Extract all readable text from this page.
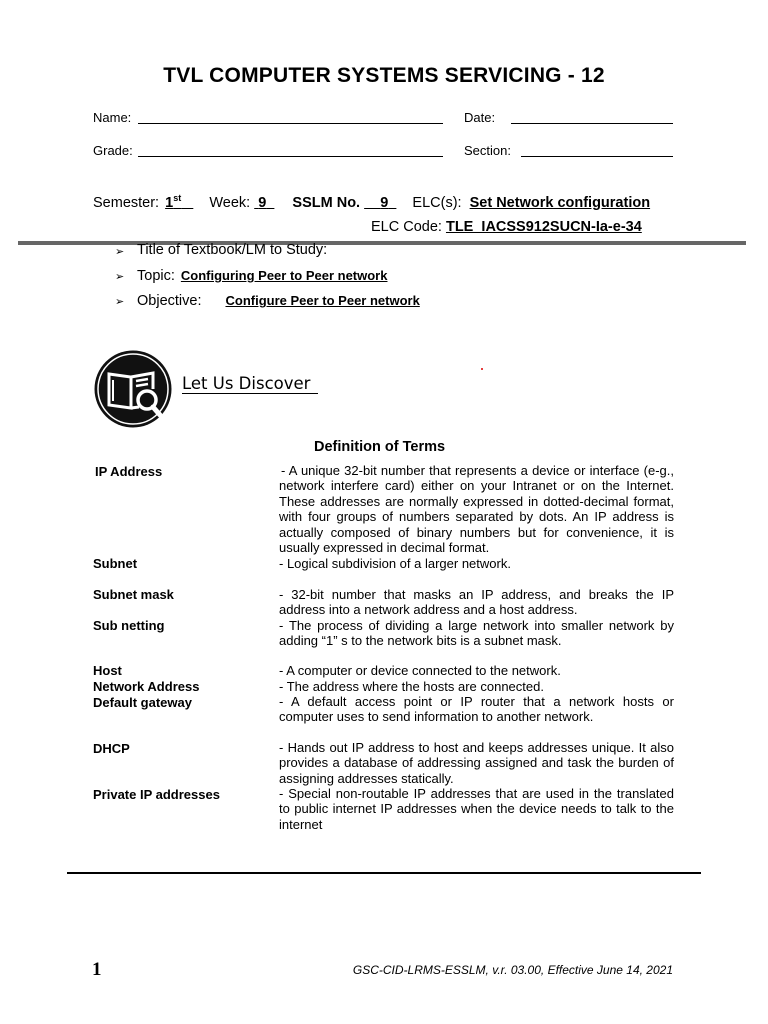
TVL COMPUTER SYSTEMS SERVICING - 12
Name:	Date:
Grade:	Section:
Semester: 1st Week: 9 SSLM No. 9 ELC(s): Set Network configuration
ELC Code: TLE_IACSS912SUCN-Ia-e-34
➢ Title of Textbook/LM to Study:
➢ Topic: Configuring Peer to Peer network
➢ Objective: Configure Peer to Peer network
Let Us Discover
Definition of Terms
IP Address	- A unique 32-bit number that represents a device or interface (e-g., network interfere card) either on your Intranet or on the Internet. These addresses are normally expressed in dotted-decimal format, with four groups of numbers separated by dots. An IP address is actually composed of binary numbers but for convenience, it is usually expressed in decimal format.
Subnet	- Logical subdivision of a larger network.
Subnet mask	- 32-bit number that masks an IP address, and breaks the IP address into a network address and a host address.
Sub netting	- The process of dividing a large network into smaller network by adding “1” s to the network bits is a subnet mask.
Host	- A computer or device connected to the network.
Network Address	- The address where the hosts are connected.
Default gateway	- A default access point or IP router that a network hosts or computer uses to send information to another network.
DHCP	- Hands out IP address to host and keeps addresses unique. It also provides a database of addressing assigned and task the burden of assigning addresses statically.
Private IP addresses	- Special non-routable IP addresses that are used in the translated to public internet IP addresses when the device needs to talk to the internet
1	GSC-CID-LRMS-ESSLM, v.r. 03.00, Effective June 14, 2021
